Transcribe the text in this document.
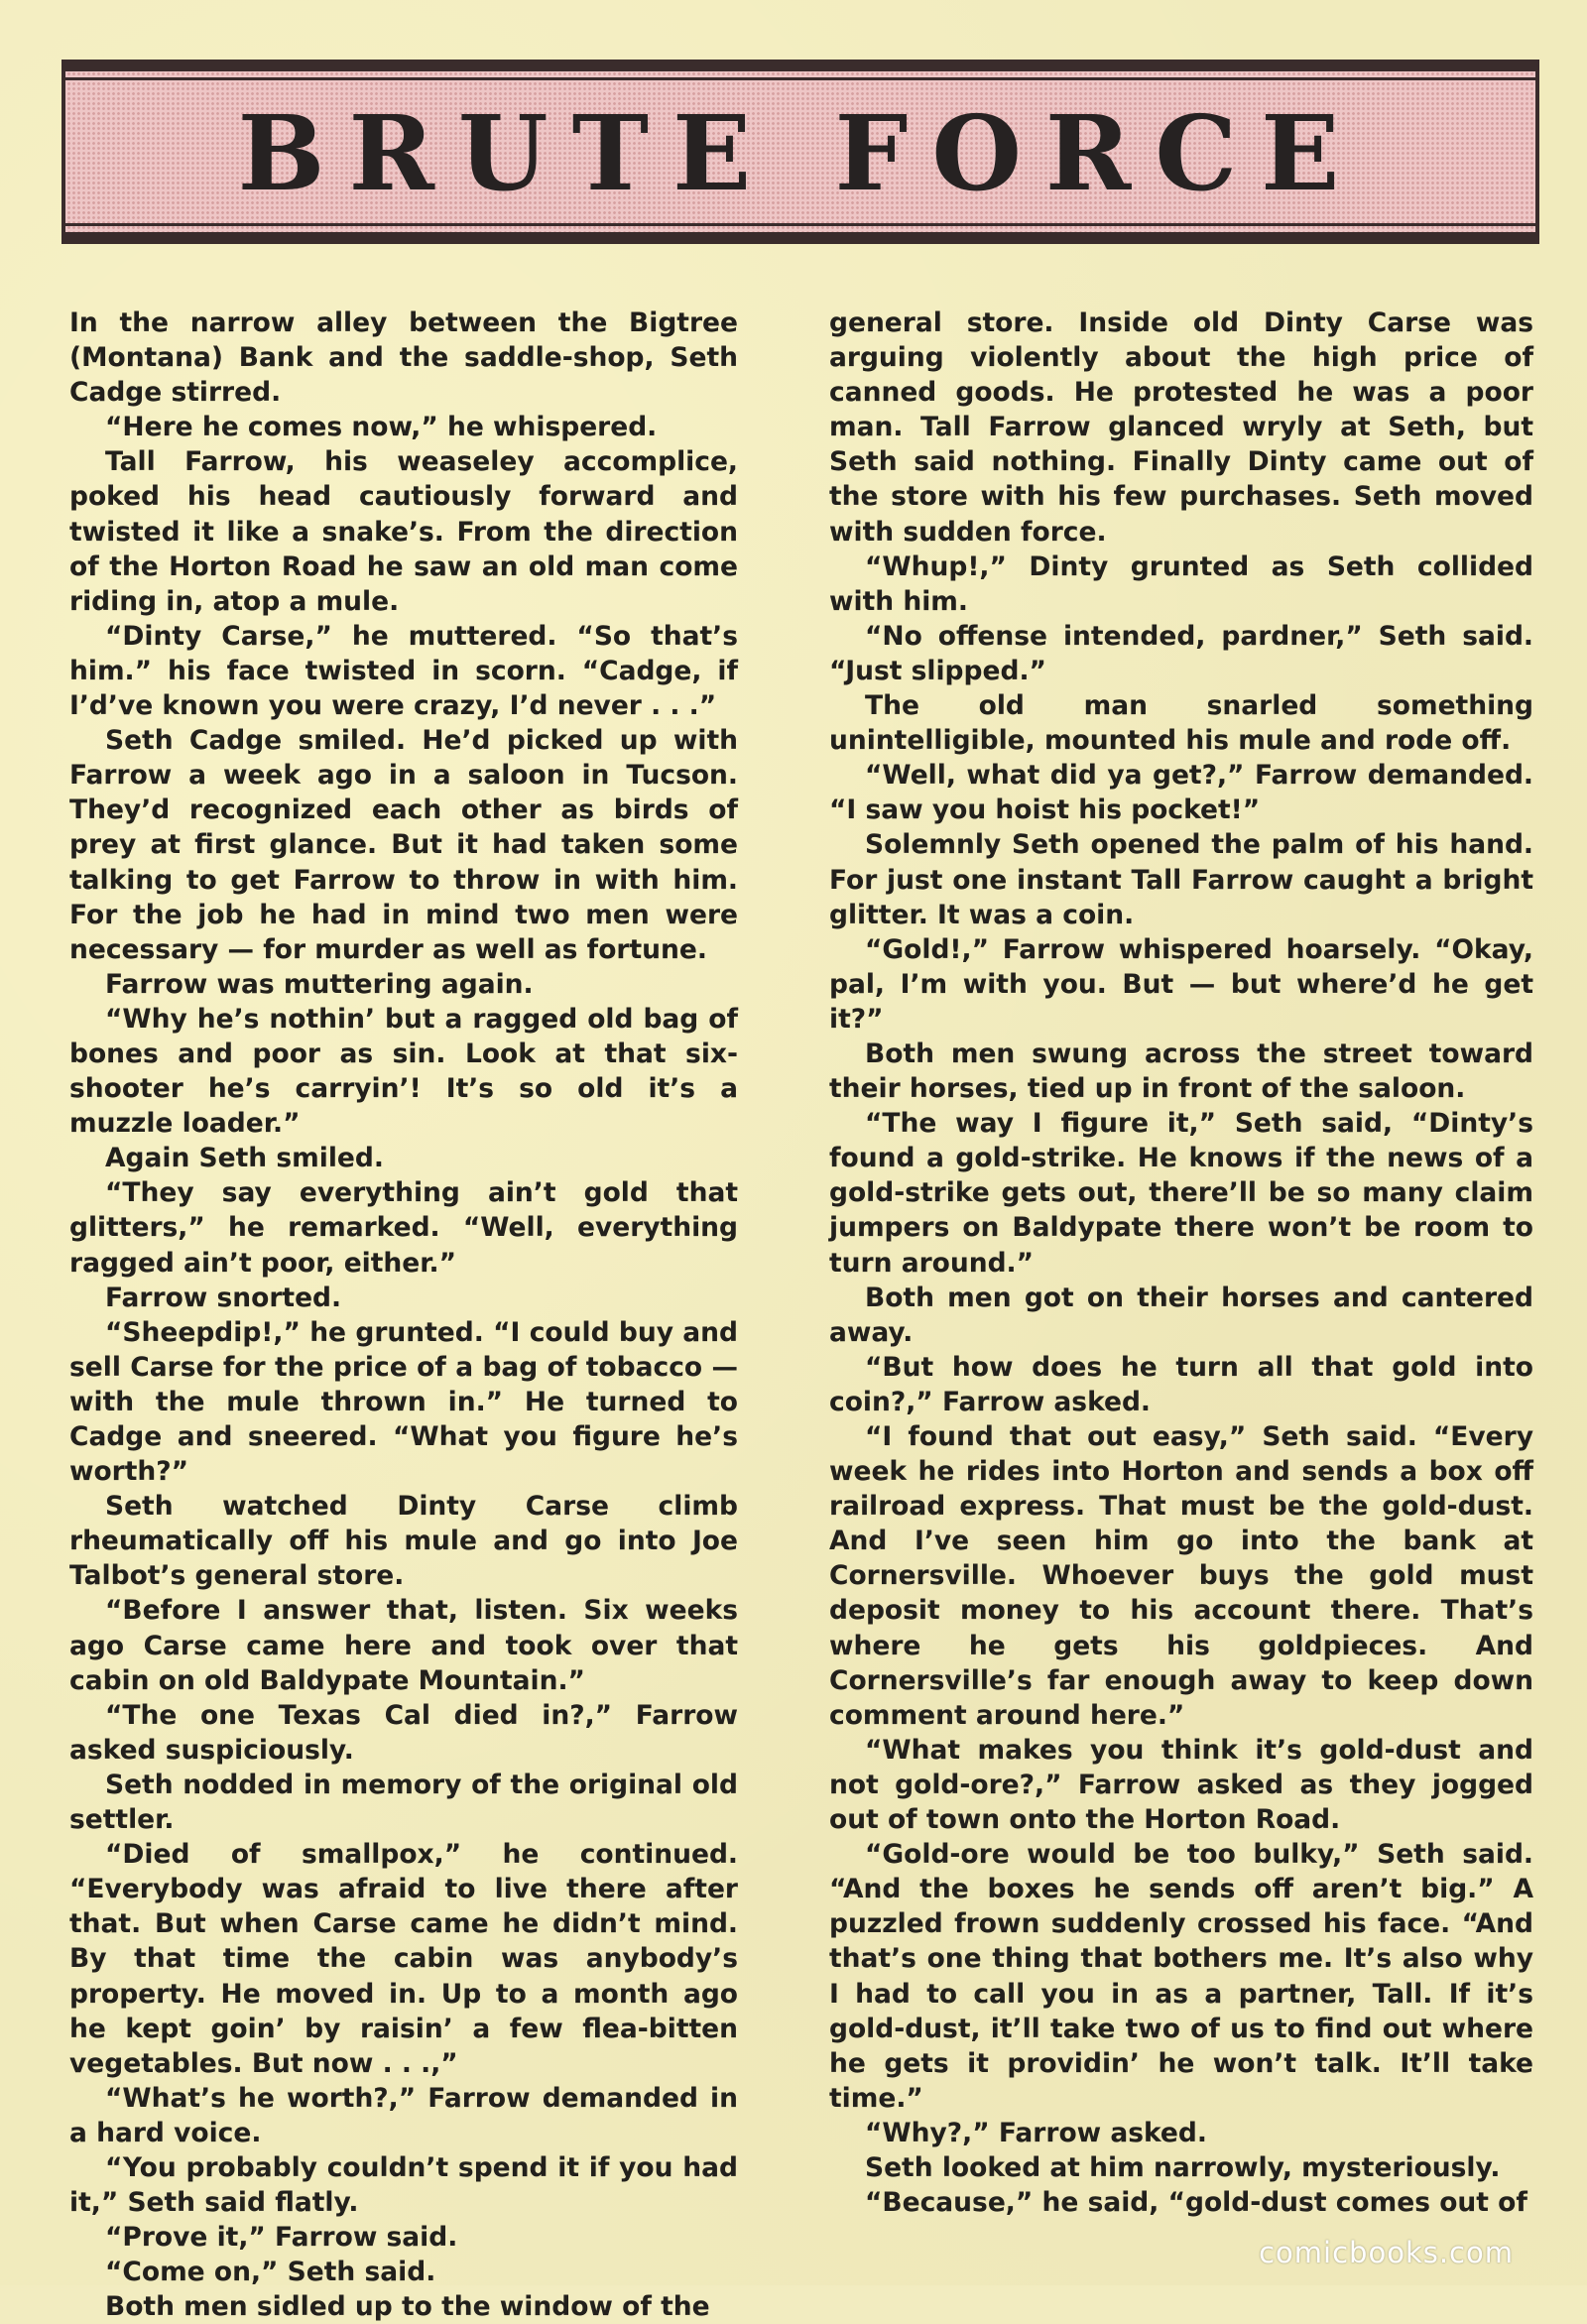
BRUTE FORCE

In the narrow alley between the Bigtree (Montana) Bank and the saddle-shop, Seth Cadge stirred.

“Here he comes now,” he whispered.

Tall Farrow, his weaseley accomplice, poked his head cautiously forward and twisted it like a snake’s. From the direction of the Horton Road he saw an old man come riding in, atop a mule.

“Dinty Carse,” he muttered. “So that’s him.” his face twisted in scorn. “Cadge, if I’d’ve known you were crazy, I’d never . . .”

Seth Cadge smiled. He’d picked up with Farrow a week ago in a saloon in Tucson. They’d recognized each other as birds of prey at first glance. But it had taken some talking to get Farrow to throw in with him. For the job he had in mind two men were necessary — for murder as well as fortune.

Farrow was muttering again.

“Why he’s nothin’ but a ragged old bag of bones and poor as sin. Look at that six-shooter he’s carryin’! It’s so old it’s a muzzle loader.”

Again Seth smiled.

“They say everything ain’t gold that glitters,” he remarked. “Well, everything ragged ain’t poor, either.”

Farrow snorted.

“Sheepdip!,” he grunted. “I could buy and sell Carse for the price of a bag of tobacco — with the mule thrown in.” He turned to Cadge and sneered. “What you figure he’s worth?”

Seth watched Dinty Carse climb rheumatically off his mule and go into Joe Talbot’s general store.

“Before I answer that, listen. Six weeks ago Carse came here and took over that cabin on old Baldypate Mountain.”

“The one Texas Cal died in?,” Farrow asked suspiciously.

Seth nodded in memory of the original old settler.

“Died of smallpox,” he continued. “Everybody was afraid to live there after that. But when Carse came he didn’t mind. By that time the cabin was anybody’s property. He moved in. Up to a month ago he kept goin’ by raisin’ a few flea-bitten vegetables. But now . . .,”

“What’s he worth?,” Farrow demanded in a hard voice.

“You probably couldn’t spend it if you had it,” Seth said flatly.

“Prove it,” Farrow said.

“Come on,” Seth said.

Both men sidled up to the window of the

general store. Inside old Dinty Carse was arguing violently about the high price of canned goods. He protested he was a poor man. Tall Farrow glanced wryly at Seth, but Seth said nothing. Finally Dinty came out of the store with his few purchases. Seth moved with sudden force.

“Whup!,” Dinty grunted as Seth collided with him.

“No offense intended, pardner,” Seth said. “Just slipped.”

The old man snarled something unintelligible, mounted his mule and rode off.

“Well, what did ya get?,” Farrow demanded. “I saw you hoist his pocket!”

Solemnly Seth opened the palm of his hand. For just one instant Tall Farrow caught a bright glitter. It was a coin.

“Gold!,” Farrow whispered hoarsely. “Okay, pal, I’m with you. But — but where’d he get it?”

Both men swung across the street toward their horses, tied up in front of the saloon.

“The way I figure it,” Seth said, “Dinty’s found a gold-strike. He knows if the news of a gold-strike gets out, there’ll be so many claim jumpers on Baldypate there won’t be room to turn around.”

Both men got on their horses and cantered away.

“But how does he turn all that gold into coin?,” Farrow asked.

“I found that out easy,” Seth said. “Every week he rides into Horton and sends a box off railroad express. That must be the gold-dust. And I’ve seen him go into the bank at Cornersville. Whoever buys the gold must deposit money to his account there. That’s where he gets his goldpieces. And Cornersville’s far enough away to keep down comment around here.”

“What makes you think it’s gold-dust and not gold-ore?,” Farrow asked as they jogged out of town onto the Horton Road.

“Gold-ore would be too bulky,” Seth said. “And the boxes he sends off aren’t big.” A puzzled frown suddenly crossed his face. “And that’s one thing that bothers me. It’s also why I had to call you in as a partner, Tall. If it’s gold-dust, it’ll take two of us to find out where he gets it providin’ he won’t talk. It’ll take time.”

“Why?,” Farrow asked.

Seth looked at him narrowly, mysteriously.

“Because,” he said, “gold-dust comes out of

comicbooks.com
